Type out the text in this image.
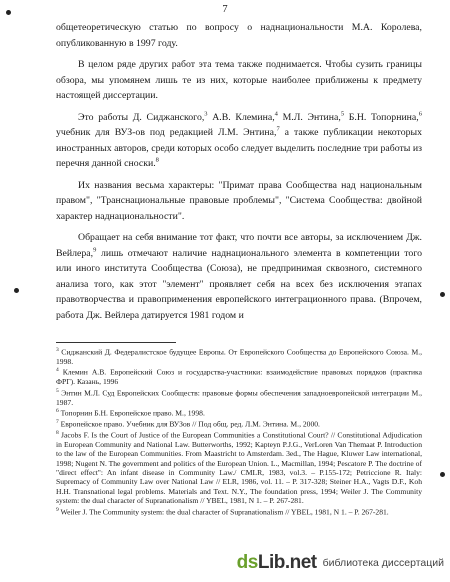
7

общетеоретическую статью по вопросу о наднациональности М.А. Королева, опубликованную в 1997 году.

В целом ряде других работ эта тема также поднимается. Чтобы сузить границы обзора, мы упомянем лишь те из них, которые наиболее приближены к предмету настоящей диссертации.

Это работы Д. Сиджанского,$^3$ А.В. Клемина,$^4$ М.Л. Энтина,$^5$ Б.Н. Топорнина,$^6$ учебник для ВУЗ-ов под редакцией Л.М. Энтина,$^7$ а также публикации некоторых иностранных авторов, среди которых особо следует выделить последние три работы из перечня данной сноски.$^8$

Их названия весьма характеры: "Примат права Сообщества над национальным правом", "Транснациональные правовые проблемы", "Система Сообщества: двойной характер наднациональности".

Обращает на себя внимание тот факт, что почти все авторы, за исключением Дж. Вейлера,$^9$ лишь отмечают наличие наднационального элемента в компетенции того или иного института Сообщества (Союза), не предпринимая сквозного, системного анализа того, как этот "элемент" проявляет себя на всех без исключения этапах правотворчества и правоприменения европейского интеграционного права. (Впрочем, работа Дж. Вейлера датируется 1981 годом и

$^3$ Сиджанский Д. Федералистское будущее Европы. От Европейского Сообщества до Европейского Союза. М., 1998.

$^4$ Клемин А.В. Европейский Союз и государства-участники: взаимодействие правовых порядков (практика ФРГ). Казань, 1996

$^5$ Энтин М.Л. Суд Европейских Сообществ: правовые формы обеспечения западноевропейской интеграции М., 1987.

$^6$ Топорнин Б.Н. Европейское право. М., 1998.

$^7$ Европейское право. Учебник для ВУЗов // Под общ. ред. Л.М. Энтина. М., 2000.

$^8$ Jacobs F. Is the Court of Justice of the European Communities a Constitutional Court? // Constitutional Adjudication in European Community and National Law. Butterworths, 1992; Kapteyn P.J.G., VerLoren Van Themaat P. Introduction to the law of the European Communities. From Maastricht to Amsterdam. 3ed., The Hague, Kluwer Law international, 1998; Nugent N. The government and politics of the European Union. L., Macmillan, 1994; Pescatore P. The doctrine of "direct effect": An infant disease in Community Law./ CMLR, 1983, vol.3. – P.155-172; Petriccione R. Italy: Supremacy of Community Law over National Law // ELR, 1986, vol. 11. – P. 317-328; Steiner H.A., Vagts D.F., Koh H.H. Transnational legal problems. Materials and Text. N.Y., The foundation press, 1994; Weiler J. The Community system: the dual character of Supranationalism // YBEL, 1981, N 1. – P. 267-281.

$^9$ Weiler J. The Community system: the dual character of Supranationalism // YBEL, 1981, N 1. – P. 267-281.

ds Lib .net библиотека диссертаций
